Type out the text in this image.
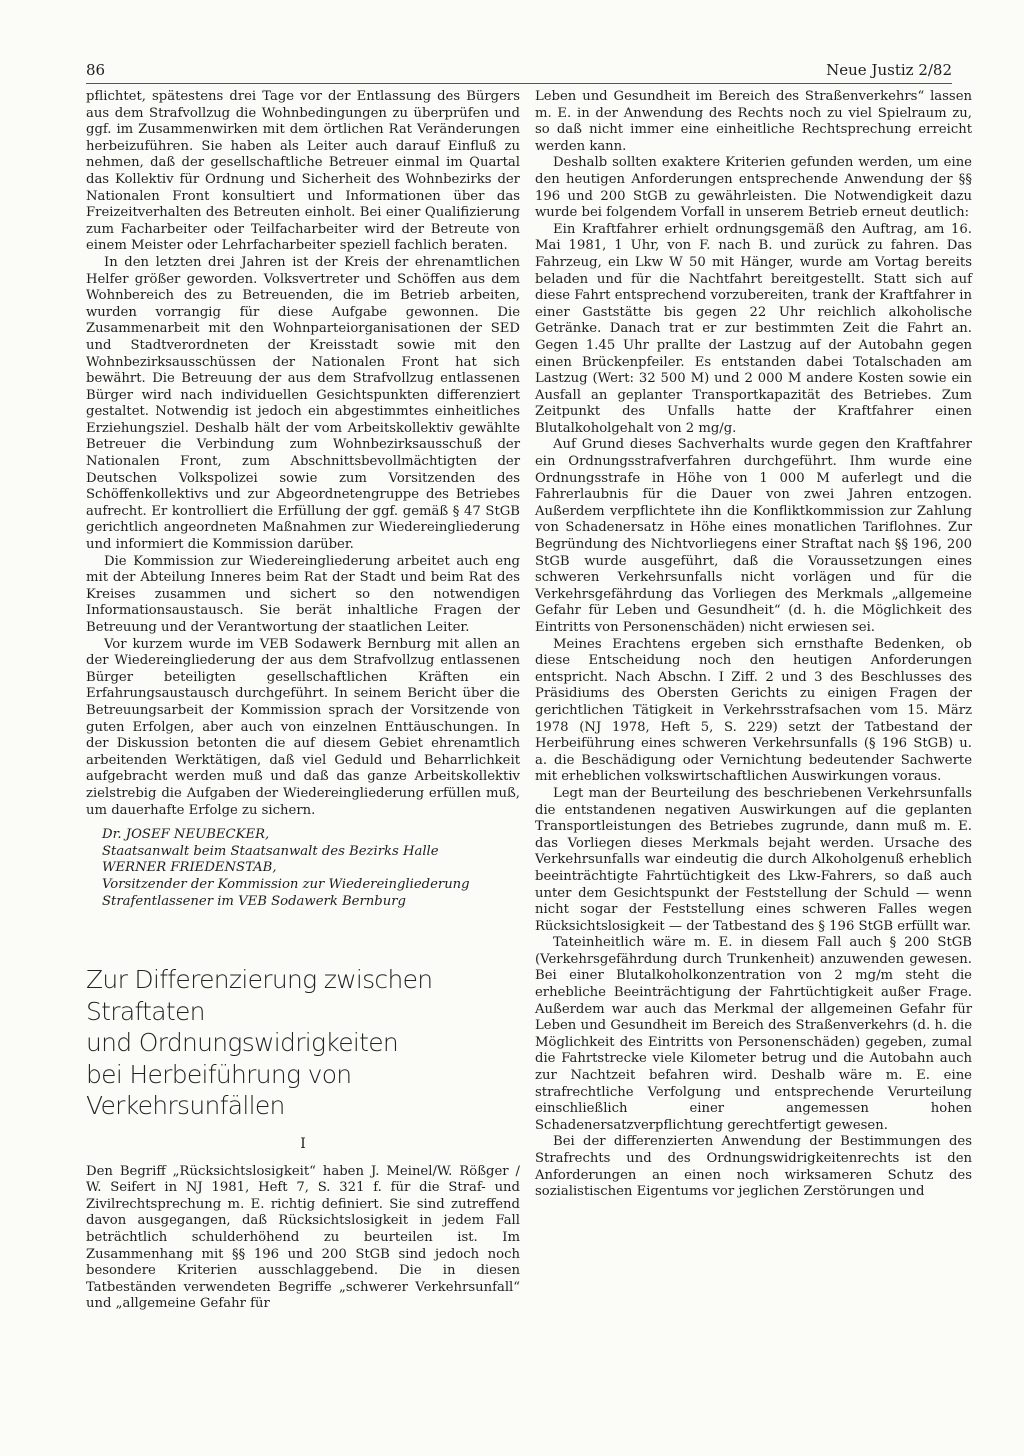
86	Neue Justiz 2/82

pflichtet, spätestens drei Tage vor der Entlassung des Bürgers aus dem Strafvollzug die Wohnbedingungen zu überprüfen und ggf. im Zusammenwirken mit dem örtlichen Rat Veränderungen herbeizuführen. Sie haben als Leiter auch darauf Einfluß zu nehmen, daß der gesellschaftliche Betreuer einmal im Quartal das Kollektiv für Ordnung und Sicherheit des Wohnbezirks der Nationalen Front konsultiert und Informationen über das Freizeitverhalten des Betreuten einholt. Bei einer Qualifizierung zum Facharbeiter oder Teilfacharbeiter wird der Betreute von einem Meister oder Lehrfacharbeiter speziell fachlich beraten.

In den letzten drei Jahren ist der Kreis der ehrenamtlichen Helfer größer geworden. Volksvertreter und Schöffen aus dem Wohnbereich des zu Betreuenden, die im Betrieb arbeiten, wurden vorrangig für diese Aufgabe gewonnen. Die Zusammenarbeit mit den Wohnparteiorganisationen der SED und Stadtverordneten der Kreisstadt sowie mit den Wohnbezirksausschüssen der Nationalen Front hat sich bewährt. Die Betreuung der aus dem Strafvollzug entlassenen Bürger wird nach individuellen Gesichtspunkten differenziert gestaltet. Notwendig ist jedoch ein abgestimmtes einheitliches Erziehungsziel. Deshalb hält der vom Arbeitskollektiv gewählte Betreuer die Verbindung zum Wohnbezirksausschuß der Nationalen Front, zum Abschnittsbevollmächtigten der Deutschen Volkspolizei sowie zum Vorsitzenden des Schöffenkollektivs und zur Abgeordnetengruppe des Betriebes aufrecht. Er kontrolliert die Erfüllung der ggf. gemäß § 47 StGB gerichtlich angeordneten Maßnahmen zur Wiedereingliederung und informiert die Kommission darüber.

Die Kommission zur Wiedereingliederung arbeitet auch eng mit der Abteilung Inneres beim Rat der Stadt und beim Rat des Kreises zusammen und sichert so den notwendigen Informationsaustausch. Sie berät inhaltliche Fragen der Betreuung und der Verantwortung der staatlichen Leiter.

Vor kurzem wurde im VEB Sodawerk Bernburg mit allen an der Wiedereingliederung der aus dem Strafvollzug entlassenen Bürger beteiligten gesellschaftlichen Kräften ein Erfahrungsaustausch durchgeführt. In seinem Bericht über die Betreuungsarbeit der Kommission sprach der Vorsitzende von guten Erfolgen, aber auch von einzelnen Enttäuschungen. In der Diskussion betonten die auf diesem Gebiet ehrenamtlich arbeitenden Werktätigen, daß viel Geduld und Beharrlichkeit aufgebracht werden muß und daß das ganze Arbeitskollektiv zielstrebig die Aufgaben der Wiedereingliederung erfüllen muß, um dauerhafte Erfolge zu sichern.

Dr. JOSEF NEUBECKER,
Staatsanwalt beim Staatsanwalt des Bezirks Halle
WERNER FRIEDENSTAB,
Vorsitzender der Kommission zur Wiedereingliederung
Strafentlassener im VEB Sodawerk Bernburg
Zur Differenzierung zwischen Straftaten
und Ordnungswidrigkeiten
bei Herbeiführung von Verkehrsunfällen
I

Den Begriff „Rücksichtslosigkeit“ haben J. Meinel/W. Rößger / W. Seifert in NJ 1981, Heft 7, S. 321 f. für die Straf- und Zivilrechtsprechung m. E. richtig definiert. Sie sind zutreffend davon ausgegangen, daß Rücksichtslosigkeit in jedem Fall beträchtlich schulderhöhend zu beurteilen ist. Im Zusammenhang mit §§ 196 und 200 StGB sind jedoch noch besondere Kriterien ausschlaggebend. Die in diesen Tatbeständen verwendeten Begriffe „schwerer Verkehrsunfall“ und „allgemeine Gefahr für

Leben und Gesundheit im Bereich des Straßenverkehrs“ lassen m. E. in der Anwendung des Rechts noch zu viel Spielraum zu, so daß nicht immer eine einheitliche Rechtsprechung erreicht werden kann.

Deshalb sollten exaktere Kriterien gefunden werden, um eine den heutigen Anforderungen entsprechende Anwendung der §§ 196 und 200 StGB zu gewährleisten. Die Notwendigkeit dazu wurde bei folgendem Vorfall in unserem Betrieb erneut deutlich:

Ein Kraftfahrer erhielt ordnungsgemäß den Auftrag, am 16. Mai 1981, 1 Uhr, von F. nach B. und zurück zu fahren. Das Fahrzeug, ein Lkw W 50 mit Hänger, wurde am Vortag bereits beladen und für die Nachtfahrt bereitgestellt. Statt sich auf diese Fahrt entsprechend vorzubereiten, trank der Kraftfahrer in einer Gaststätte bis gegen 22 Uhr reichlich alkoholische Getränke. Danach trat er zur bestimmten Zeit die Fahrt an. Gegen 1.45 Uhr prallte der Lastzug auf der Autobahn gegen einen Brückenpfeiler. Es entstanden dabei Totalschaden am Lastzug (Wert: 32 500 M) und 2 000 M andere Kosten sowie ein Ausfall an geplanter Transportkapazität des Betriebes. Zum Zeitpunkt des Unfalls hatte der Kraftfahrer einen Blutalkoholgehalt von 2 mg/g.

Auf Grund dieses Sachverhalts wurde gegen den Kraftfahrer ein Ordnungsstrafverfahren durchgeführt. Ihm wurde eine Ordnungsstrafe in Höhe von 1 000 M auferlegt und die Fahrerlaubnis für die Dauer von zwei Jahren entzogen. Außerdem verpflichtete ihn die Konfliktkommission zur Zahlung von Schadenersatz in Höhe eines monatlichen Tariflohnes. Zur Begründung des Nichtvorliegens einer Straftat nach §§ 196, 200 StGB wurde ausgeführt, daß die Voraussetzungen eines schweren Verkehrsunfalls nicht vorlägen und für die Verkehrsgefährdung das Vorliegen des Merkmals „allgemeine Gefahr für Leben und Gesundheit“ (d. h. die Möglichkeit des Eintritts von Personenschäden) nicht erwiesen sei.

Meines Erachtens ergeben sich ernsthafte Bedenken, ob diese Entscheidung noch den heutigen Anforderungen entspricht. Nach Abschn. I Ziff. 2 und 3 des Beschlusses des Präsidiums des Obersten Gerichts zu einigen Fragen der gerichtlichen Tätigkeit in Verkehrsstrafsachen vom 15. März 1978 (NJ 1978, Heft 5, S. 229) setzt der Tatbestand der Herbeiführung eines schweren Verkehrsunfalls (§ 196 StGB) u. a. die Beschädigung oder Vernichtung bedeutender Sachwerte mit erheblichen volkswirtschaftlichen Auswirkungen voraus.

Legt man der Beurteilung des beschriebenen Verkehrsunfalls die entstandenen negativen Auswirkungen auf die geplanten Transportleistungen des Betriebes zugrunde, dann muß m. E. das Vorliegen dieses Merkmals bejaht werden. Ursache des Verkehrsunfalls war eindeutig die durch Alkoholgenuß erheblich beeinträchtigte Fahrtüchtigkeit des Lkw-Fahrers, so daß auch unter dem Gesichtspunkt der Feststellung der Schuld — wenn nicht sogar der Feststellung eines schweren Falles wegen Rücksichtslosigkeit — der Tatbestand des § 196 StGB erfüllt war.

Tateinheitlich wäre m. E. in diesem Fall auch § 200 StGB (Verkehrsgefährdung durch Trunkenheit) anzuwenden gewesen. Bei einer Blutalkoholkonzentration von 2 mg/m steht die erhebliche Beeinträchtigung der Fahrtüchtigkeit außer Frage. Außerdem war auch das Merkmal der allgemeinen Gefahr für Leben und Gesundheit im Bereich des Straßenverkehrs (d. h. die Möglichkeit des Eintritts von Personenschäden) gegeben, zumal die Fahrtstrecke viele Kilometer betrug und die Autobahn auch zur Nachtzeit befahren wird. Deshalb wäre m. E. eine strafrechtliche Verfolgung und entsprechende Verurteilung einschließlich einer angemessen hohen Schadenersatzverpflichtung gerechtfertigt gewesen.

Bei der differenzierten Anwendung der Bestimmungen des Strafrechts und des Ordnungswidrigkeitenrechts ist den Anforderungen an einen noch wirksameren Schutz des sozialistischen Eigentums vor jeglichen Zerstörungen und
